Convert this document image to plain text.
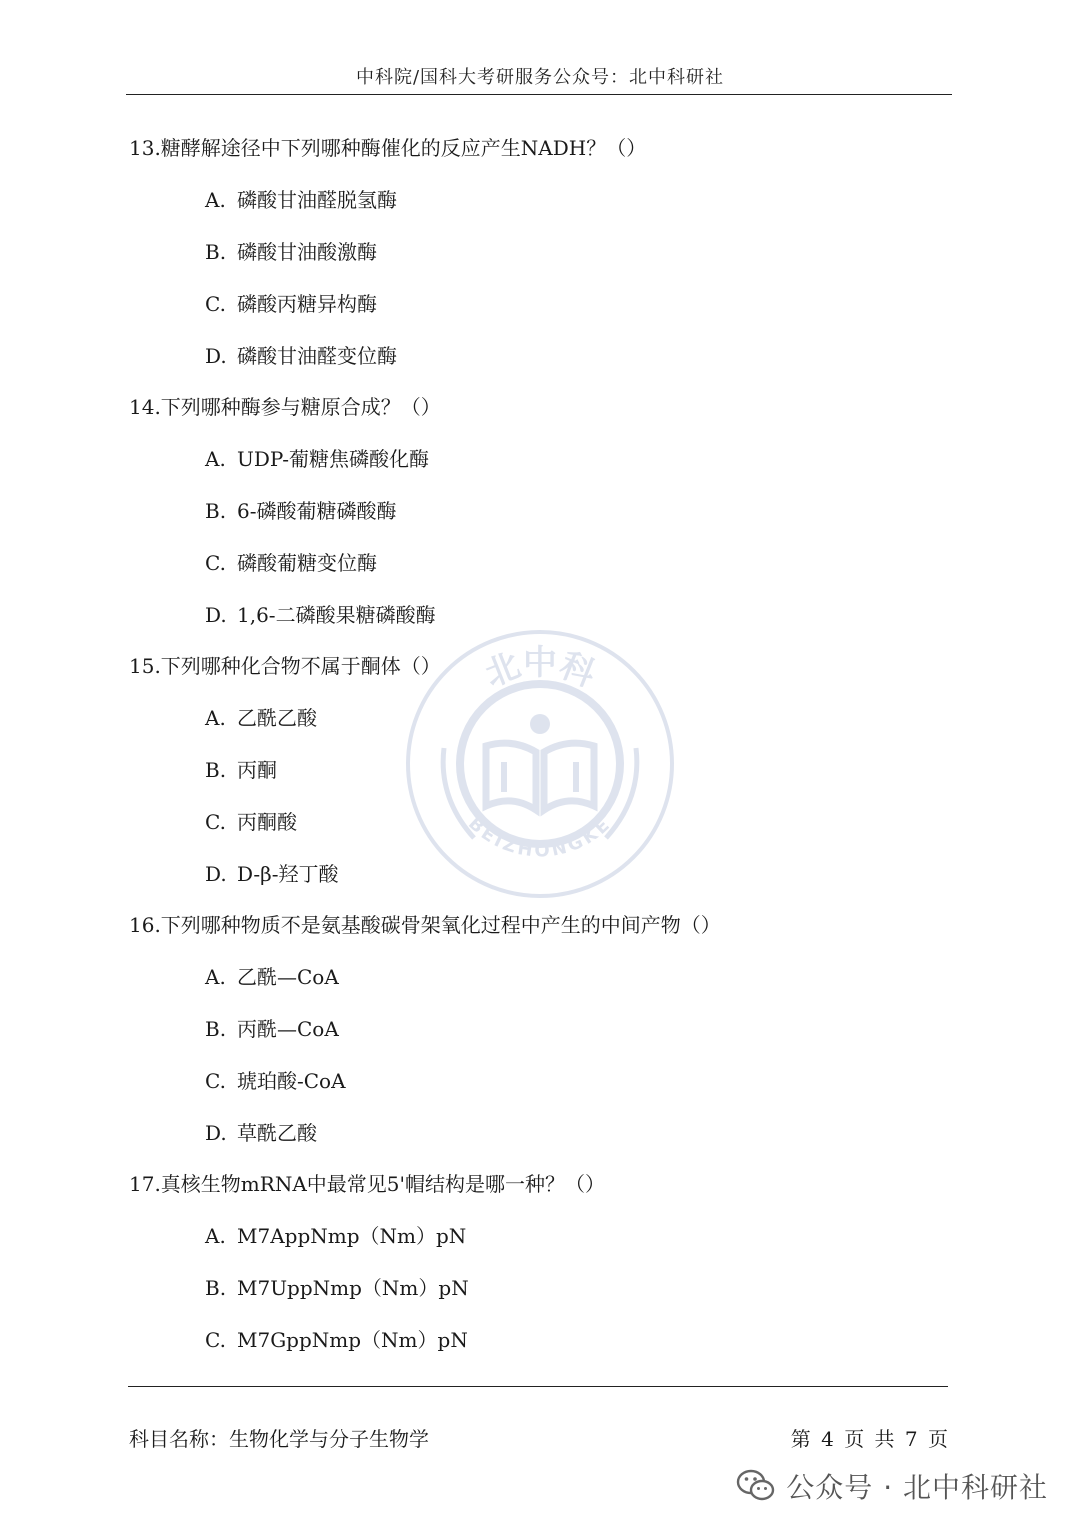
中科院/国科大考研服务公众号：北中科研社
北中科
BEIZHONGKE
13.糖酵解途径中下列哪种酶催化的反应产生NADH？（）
A. 磷酸甘油醛脱氢酶
B. 磷酸甘油酸激酶
C. 磷酸丙糖异构酶
D. 磷酸甘油醛变位酶
14.下列哪种酶参与糖原合成？（）
A. UDP-葡糖焦磷酸化酶
B. 6-磷酸葡糖磷酸酶
C. 磷酸葡糖变位酶
D. 1,6-二磷酸果糖磷酸酶
15.下列哪种化合物不属于酮体（）
A. 乙酰乙酸
B. 丙酮
C. 丙酮酸
D. D-β-羟丁酸
16.下列哪种物质不是氨基酸碳骨架氧化过程中产生的中间产物（）
A. 乙酰—CoA
B. 丙酰—CoA
C. 琥珀酸-CoA
D. 草酰乙酸
17.真核生物mRNA中最常见5'帽结构是哪一种？（）
A. M7AppNmp（Nm）pN
B. M7UppNmp（Nm）pN
C. M7GppNmp（Nm）pN
科目名称：生物化学与分子生物学	第 4 页 共 7 页
公众号 · 北中科研社
